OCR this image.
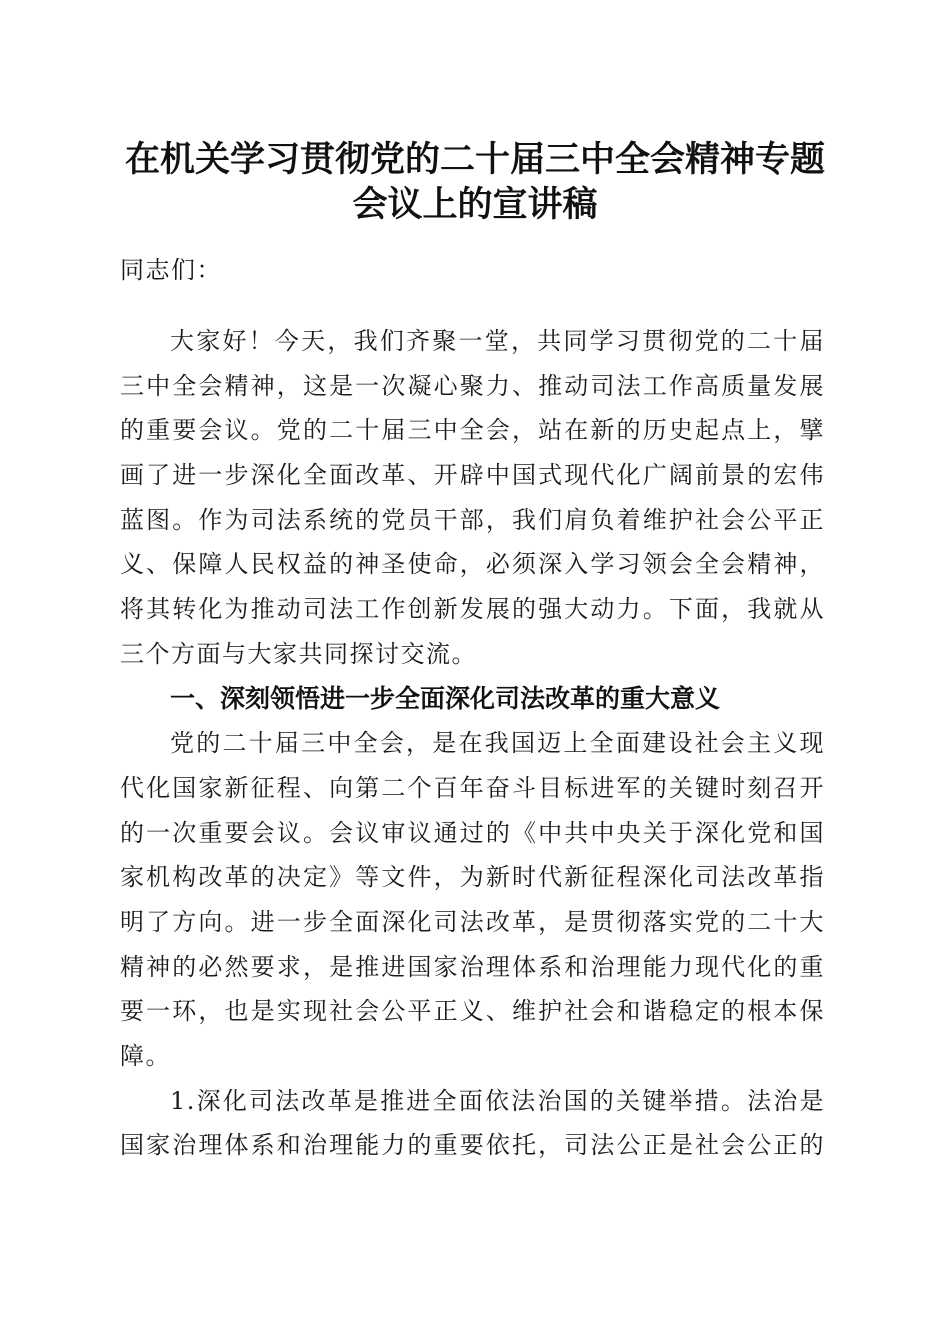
在机关学习贯彻党的二十届三中全会精神专题
会议上的宣讲稿
同志们：
大家好！今天，我们齐聚一堂，共同学习贯彻党的二十届
三中全会精神，这是一次凝心聚力、推动司法工作高质量发展
的重要会议。党的二十届三中全会，站在新的历史起点上，擘
画了进一步深化全面改革、开辟中国式现代化广阔前景的宏伟
蓝图。作为司法系统的党员干部，我们肩负着维护社会公平正
义、保障人民权益的神圣使命，必须深入学习领会全会精神，
将其转化为推动司法工作创新发展的强大动力。下面，我就从
三个方面与大家共同探讨交流。
一、深刻领悟进一步全面深化司法改革的重大意义
党的二十届三中全会，是在我国迈上全面建设社会主义现
代化国家新征程、向第二个百年奋斗目标进军的关键时刻召开
的一次重要会议。会议审议通过的《中共中央关于深化党和国
家机构改革的决定》等文件，为新时代新征程深化司法改革指
明了方向。进一步全面深化司法改革，是贯彻落实党的二十大
精神的必然要求，是推进国家治理体系和治理能力现代化的重
要一环，也是实现社会公平正义、维护社会和谐稳定的根本保
障。
1.深化司法改革是推进全面依法治国的关键举措。法治是
国家治理体系和治理能力的重要依托，司法公正是社会公正的
